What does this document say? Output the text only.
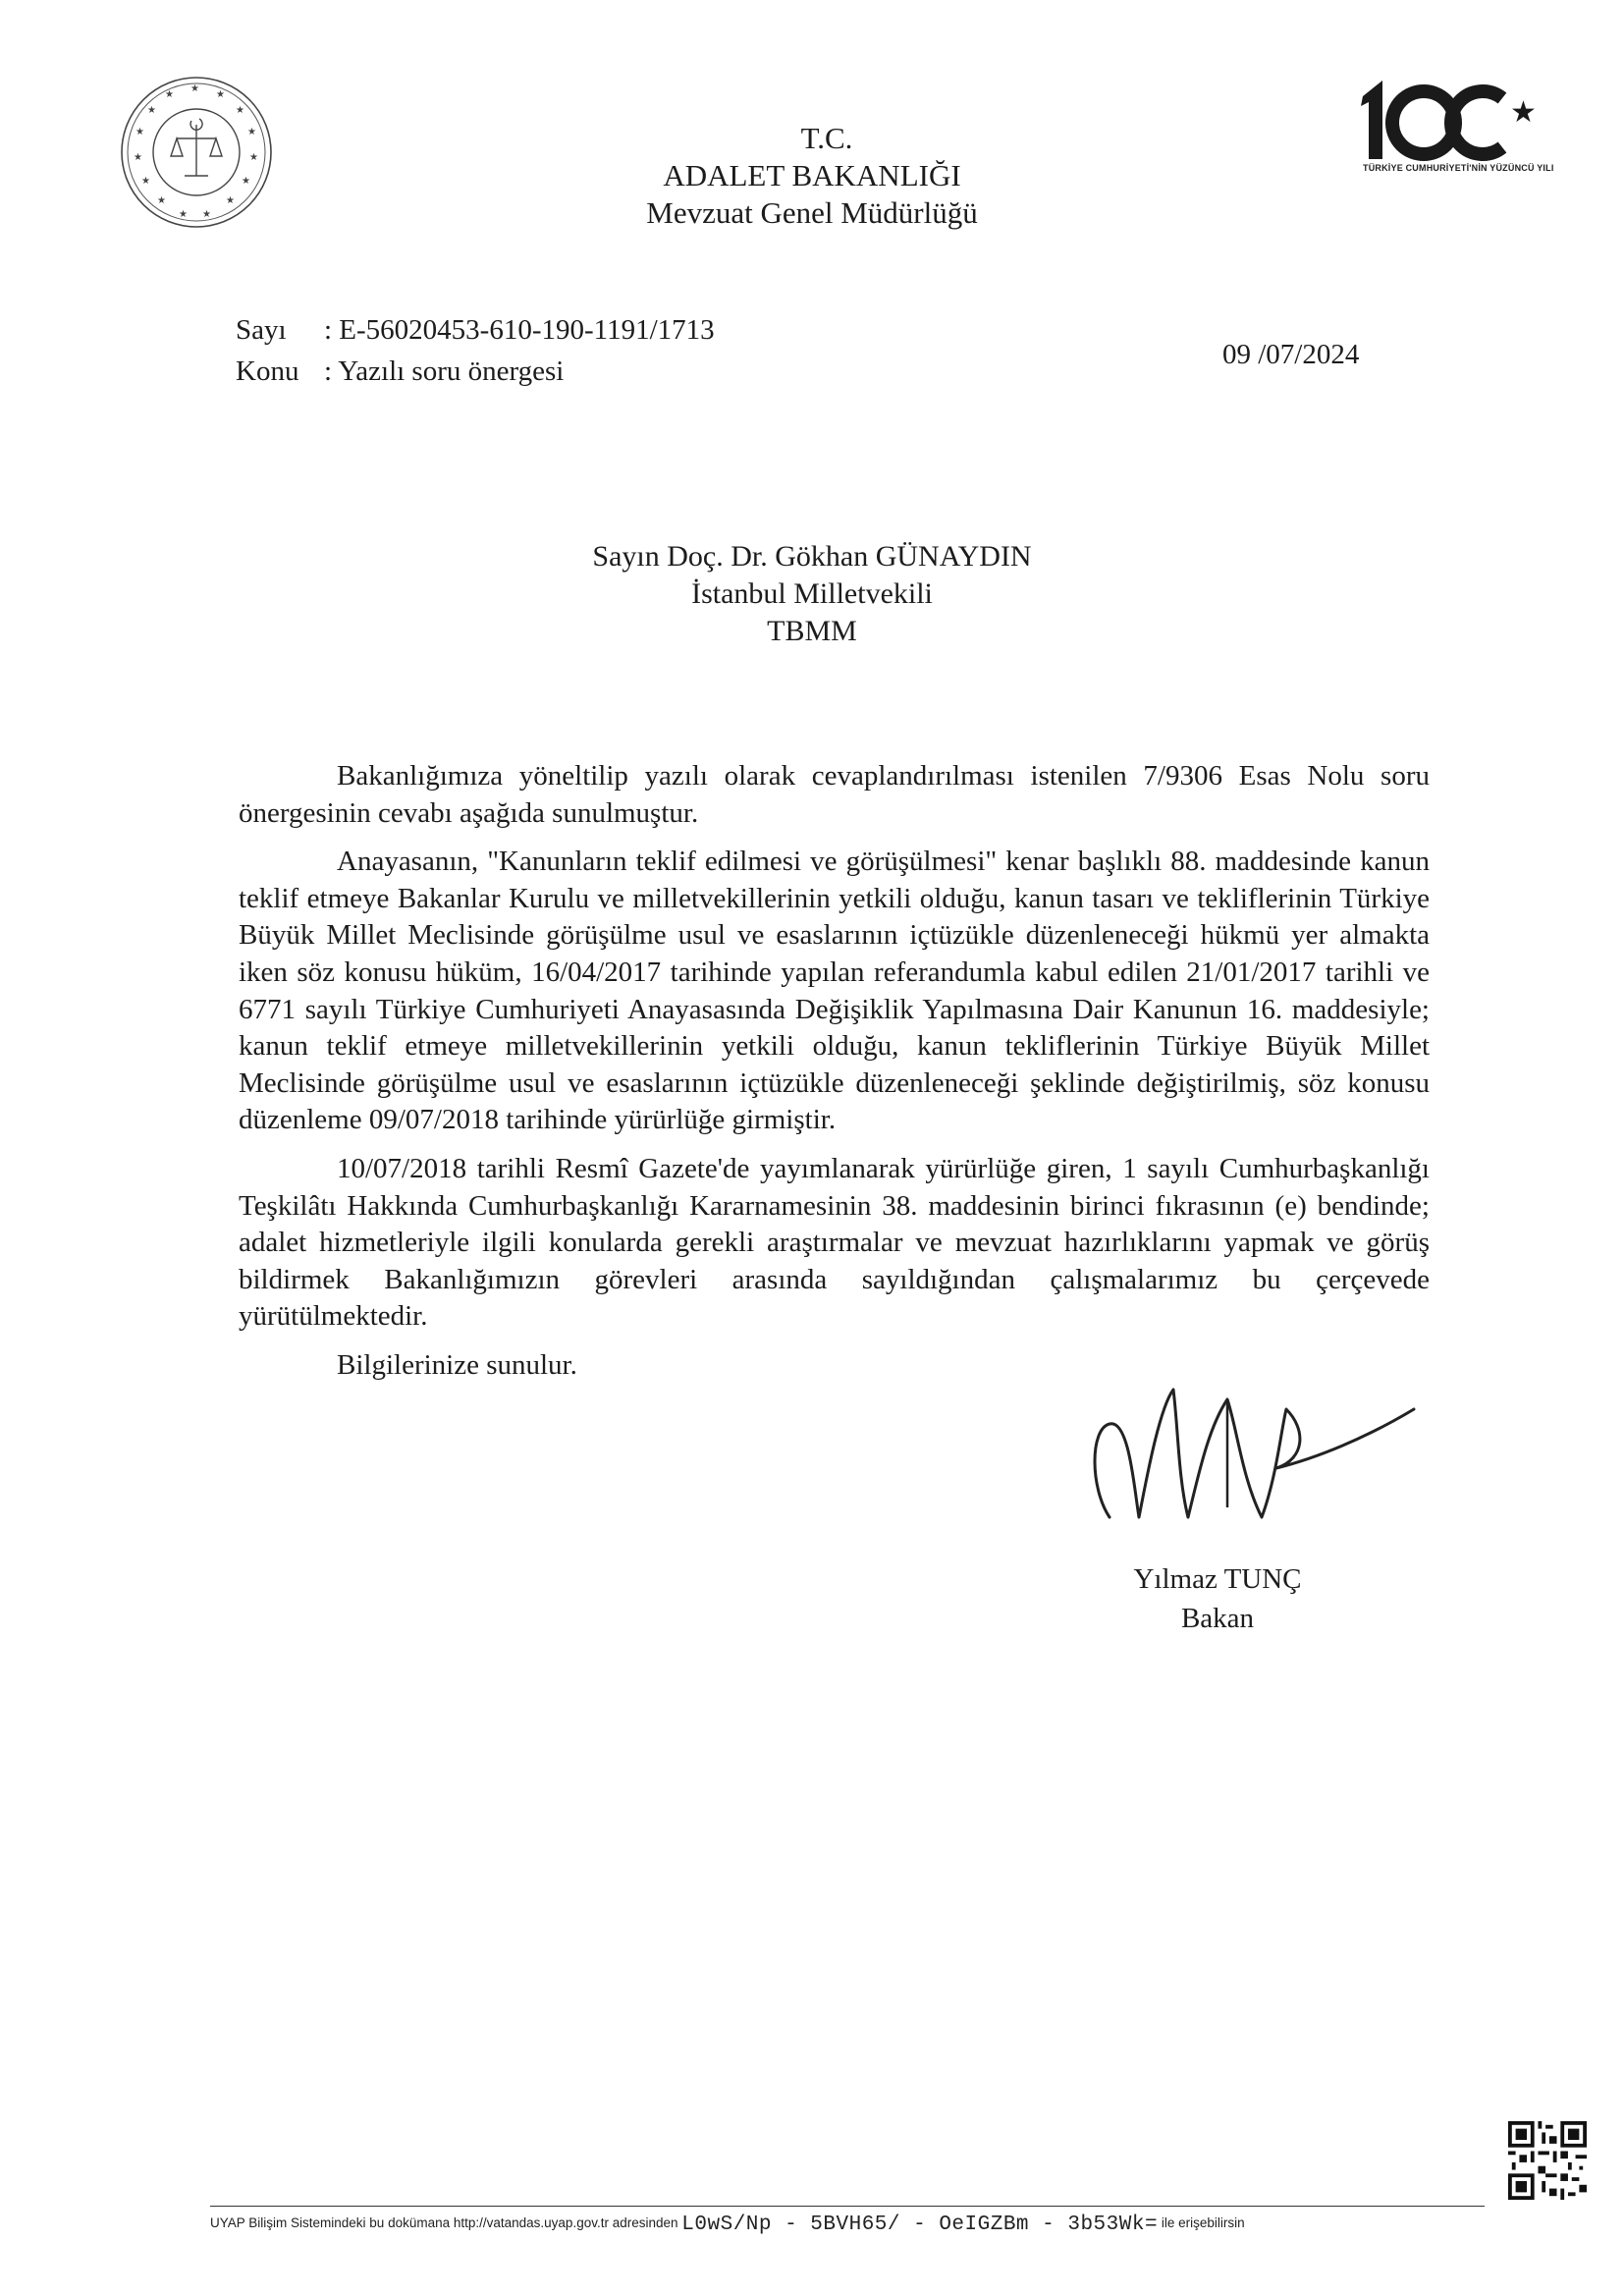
★
★
★
★
★
★
★
★
★
★
★
★
★
★
★
★
TÜRKİYE CUMHURİYETİ'NİN YÜZÜNCÜ YILI
T.C.
ADALET BAKANLIĞI
Mevzuat Genel Müdürlüğü
Sayı : E-56020453-610-190-1191/1713
Konu : Yazılı soru önergesi
09 /07/2024
Sayın Doç. Dr. Gökhan GÜNAYDIN
İstanbul Milletvekili
TBMM

Bakanlığımıza yöneltilip yazılı olarak cevaplandırılması istenilen 7/9306 Esas Nolu soru önergesinin cevabı aşağıda sunulmuştur.

Anayasanın, "Kanunların teklif edilmesi ve görüşülmesi" kenar başlıklı 88. maddesinde kanun teklif etmeye Bakanlar Kurulu ve milletvekillerinin yetkili olduğu, kanun tasarı ve tekliflerinin Türkiye Büyük Millet Meclisinde görüşülme usul ve esaslarının içtüzükle düzenleneceği hükmü yer almakta iken söz konusu hüküm, 16/04/2017 tarihinde yapılan referandumla kabul edilen 21/01/2017 tarihli ve 6771 sayılı Türkiye Cumhuriyeti Anayasasında Değişiklik Yapılmasına Dair Kanunun 16. maddesiyle; kanun teklif etmeye milletvekillerinin yetkili olduğu, kanun tekliflerinin Türkiye Büyük Millet Meclisinde görüşülme usul ve esaslarının içtüzükle düzenleneceği şeklinde değiştirilmiş, söz konusu düzenleme 09/07/2018 tarihinde yürürlüğe girmiştir.

10/07/2018 tarihli Resmî Gazete'de yayımlanarak yürürlüğe giren, 1 sayılı Cumhurbaşkanlığı Teşkilâtı Hakkında Cumhurbaşkanlığı Kararnamesinin 38. maddesinin birinci fıkrasının (e) bendinde; adalet hizmetleriyle ilgili konularda gerekli araştırmalar ve mevzuat hazırlıklarını yapmak ve görüş bildirmek Bakanlığımızın görevleri arasında sayıldığından çalışmalarımız bu çerçevede yürütülmektedir.

Bilgilerinize sunulur.

Yılmaz TUNÇ
Bakan
UYAP Bilişim Sistemindeki bu dokümana http://vatandas.uyap.gov.tr adresinden L0wS/Np - 5BVH65/ - OeIGZBm - 3b53Wk= ile erişebilirsin
